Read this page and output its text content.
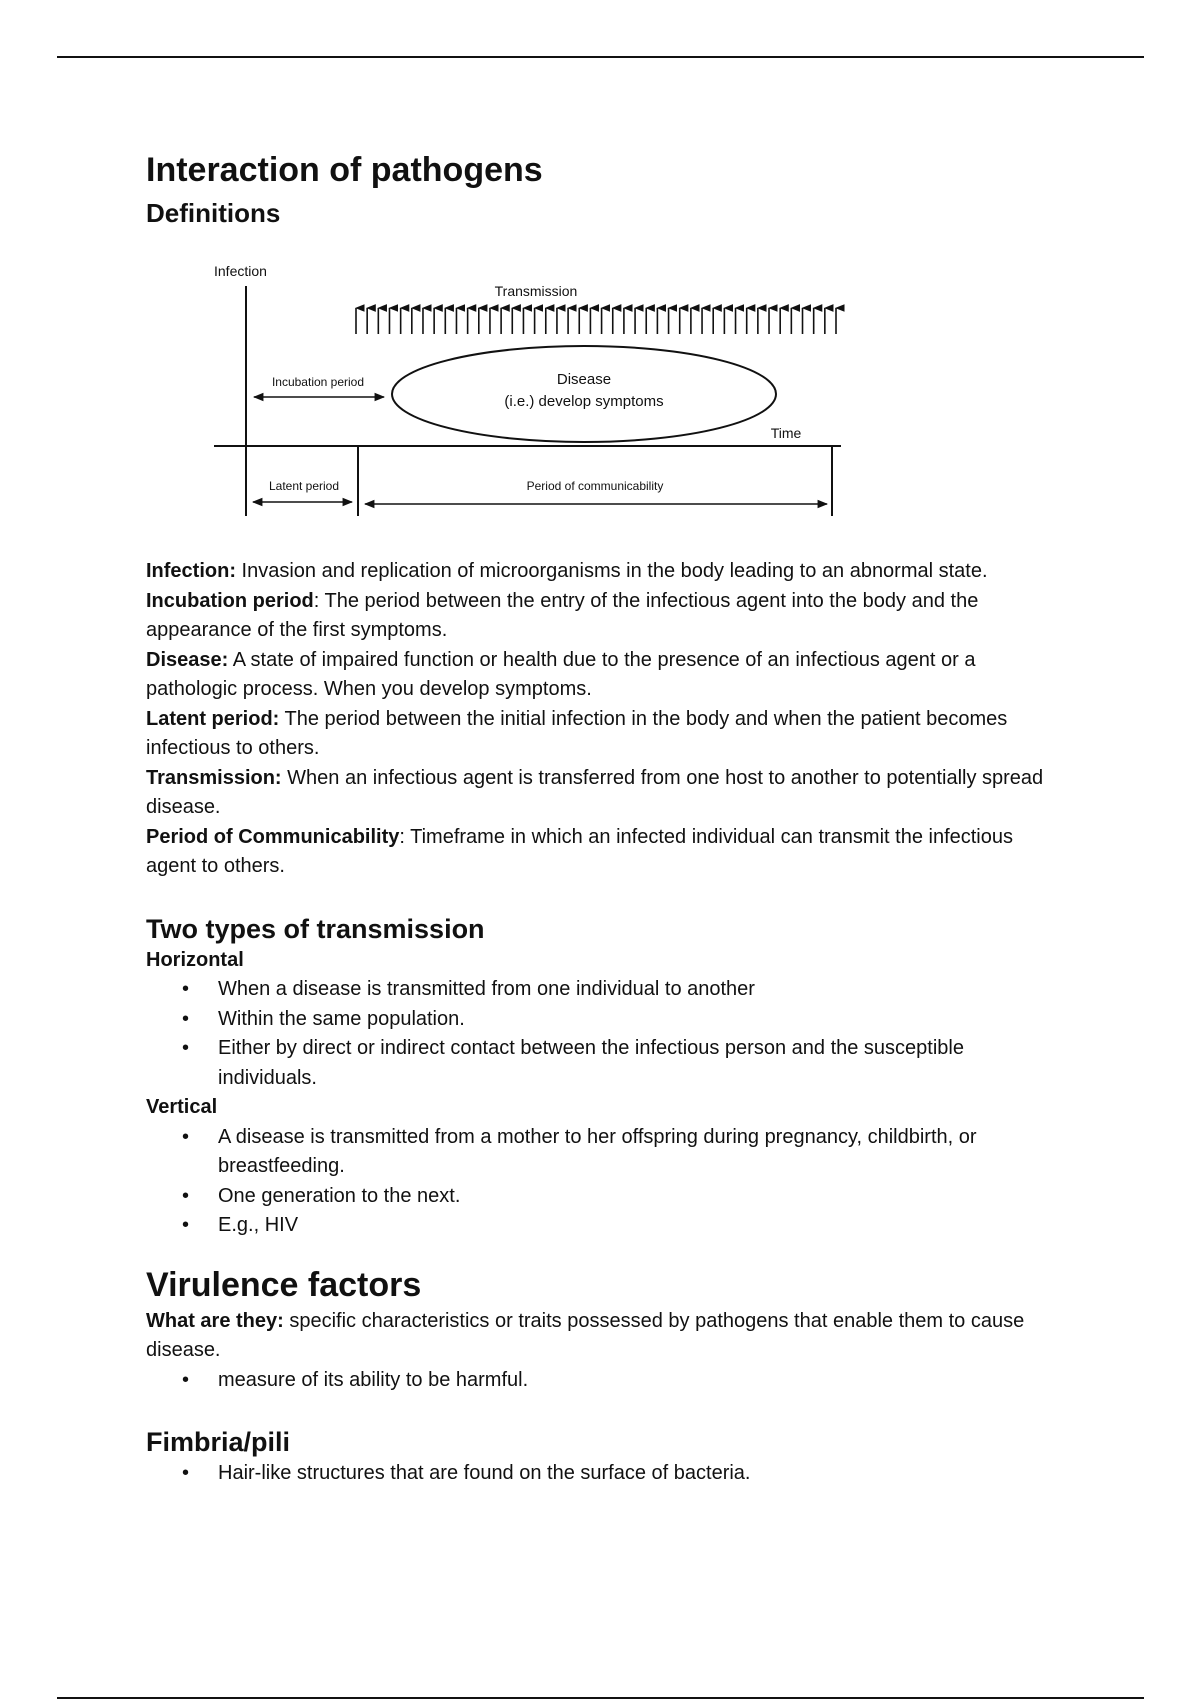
Interaction of pathogens
Definitions
Infection
Transmission
Incubation period	Disease
(i.e.) develop symptoms
Time
Latent period	Period of communicability

Infection: Invasion and replication of microorganisms in the body leading to an abnormal state.

Incubation period: The period between the entry of the infectious agent into the body and the appearance of the first symptoms.

Disease: A state of impaired function or health due to the presence of an infectious agent or a pathologic process. When you develop symptoms.

Latent period: The period between the initial infection in the body and when the patient becomes infectious to others.

Transmission: When an infectious agent is transferred from one host to another to potentially spread disease.

Period of Communicability: Timeframe in which an infected individual can transmit the infectious agent to others.

Two types of transmission
Horizontal
• When a disease is transmitted from one individual to another
• Within the same population.
• Either by direct or indirect contact between the infectious person and the susceptible individuals.
Vertical
• A disease is transmitted from a mother to her offspring during pregnancy, childbirth, or breastfeeding.
• One generation to the next.
• E.g., HIV
Virulence factors

What are they: specific characteristics or traits possessed by pathogens that enable them to cause disease.

• measure of its ability to be harmful.
Fimbria/pili
• Hair-like structures that are found on the surface of bacteria.
